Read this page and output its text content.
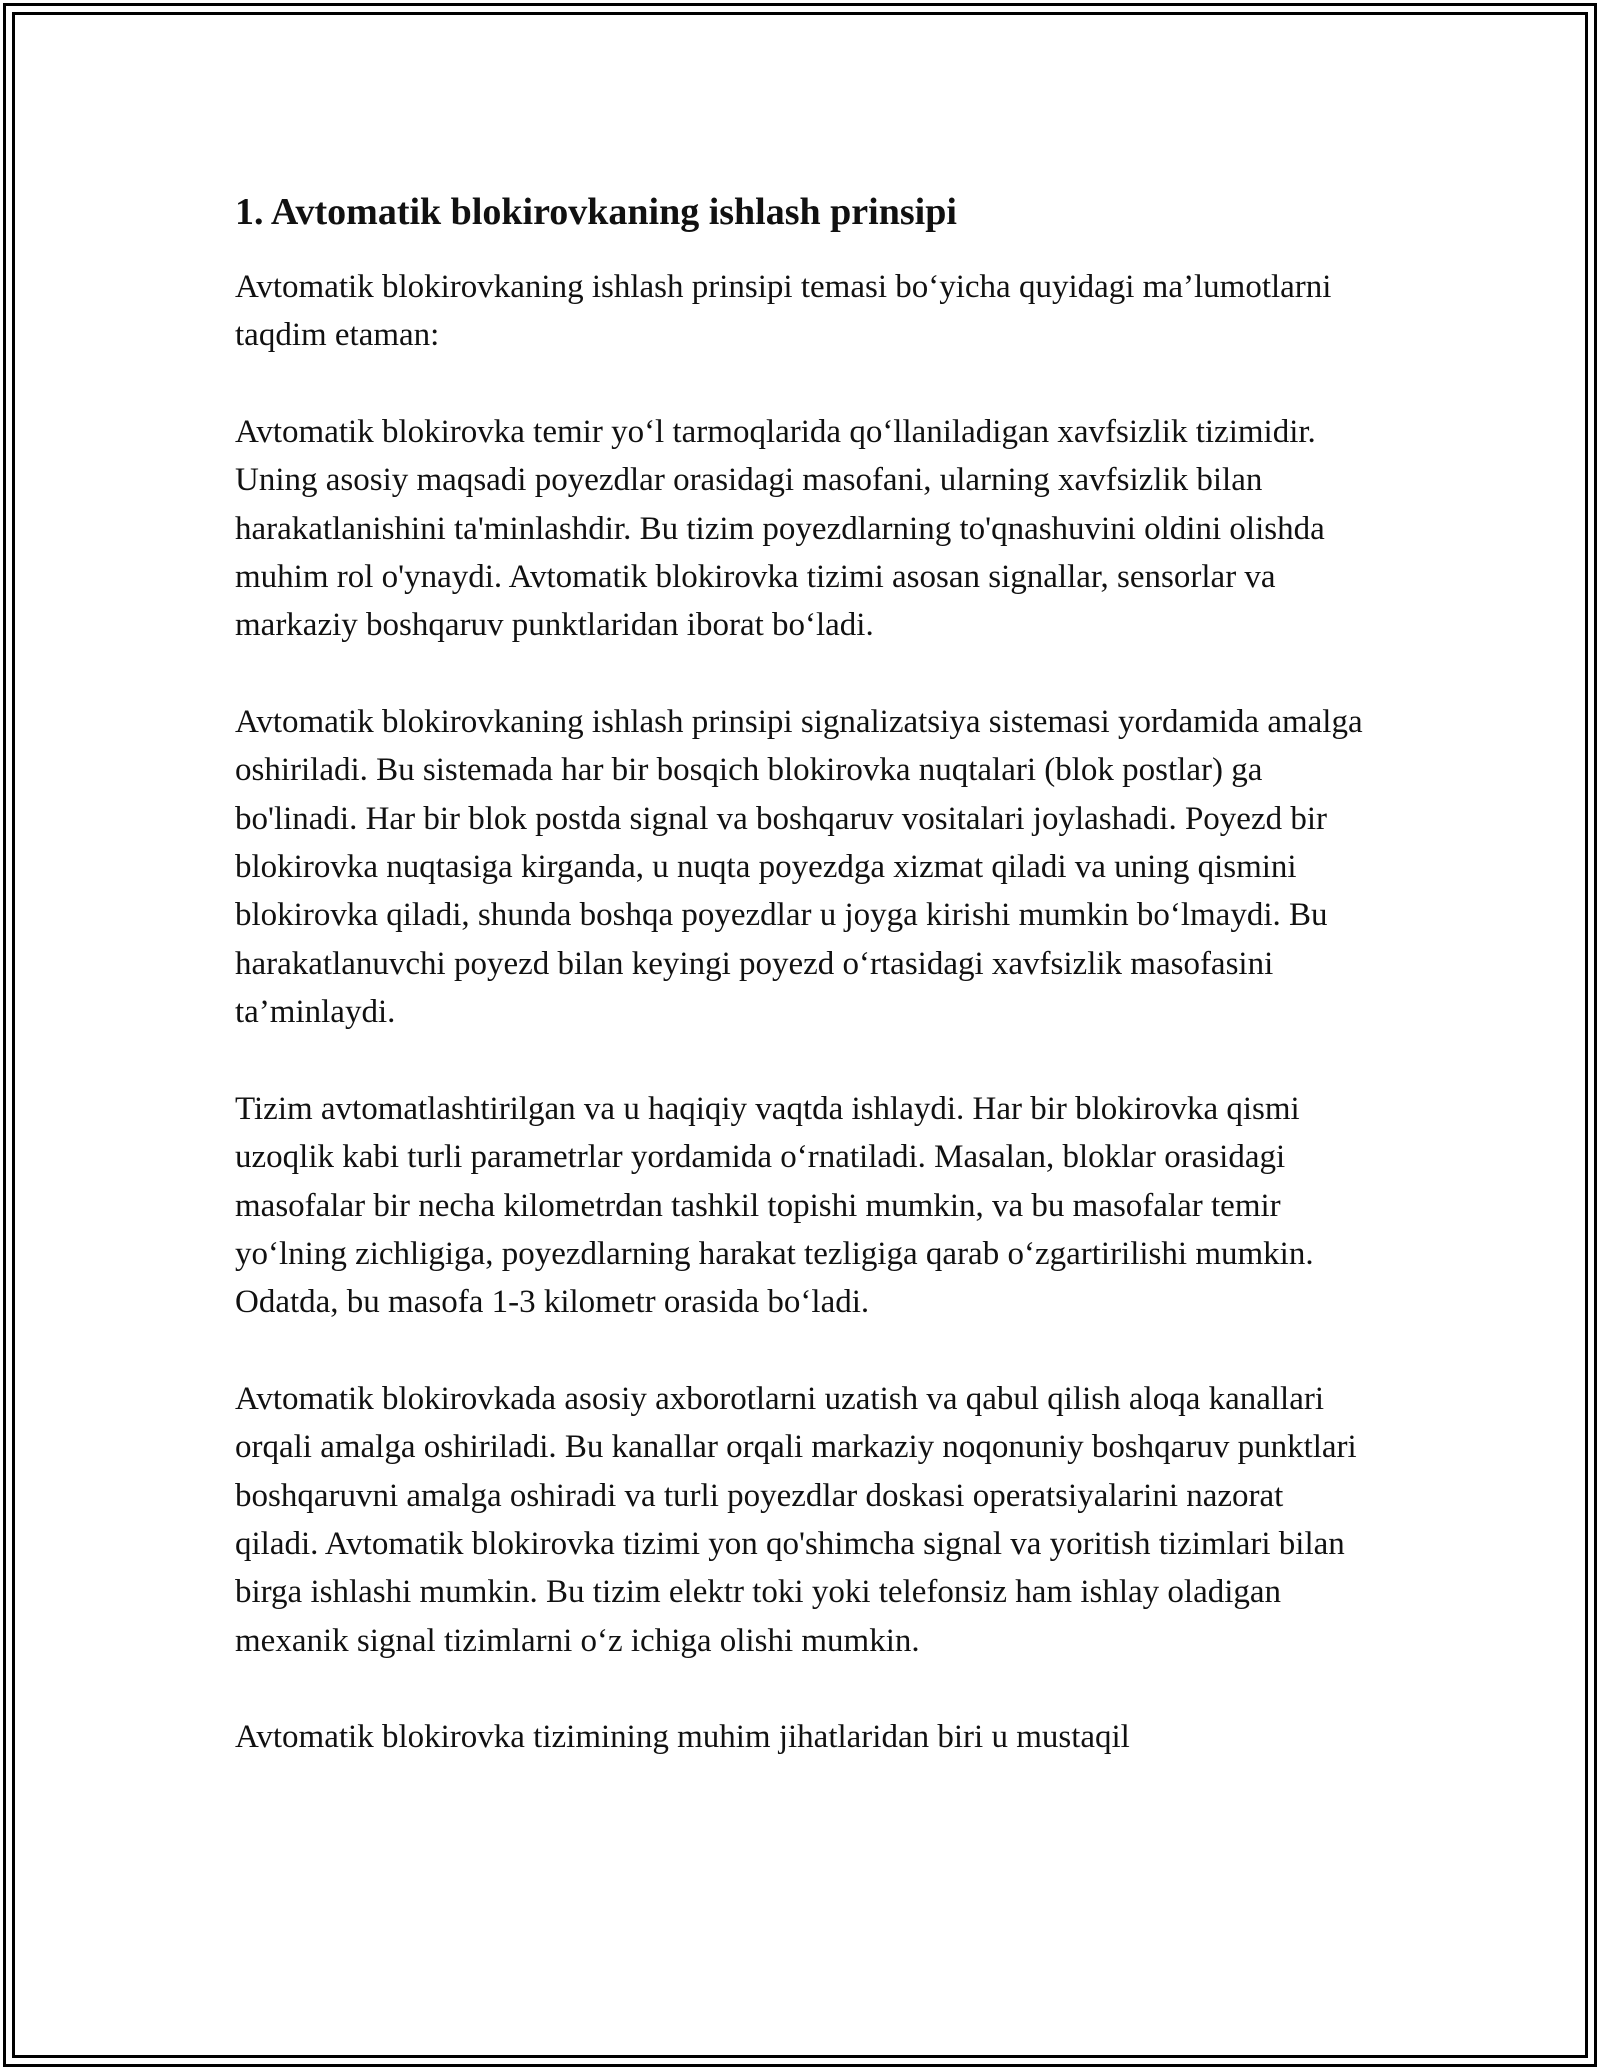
1. Avtomatik blokirovkaning ishlash prinsipi

Avtomatik blokirovkaning ishlash prinsipi temasi bo‘yicha quyidagi ma’lumotlarni taqdim etaman:

Avtomatik blokirovka temir yo‘l tarmoqlarida qo‘llaniladigan xavfsizlik tizimidir. Uning asosiy maqsadi poyezdlar orasidagi masofani, ularning xavfsizlik bilan harakatlanishini ta'minlashdir. Bu tizim poyezdlarning to'qnashuvini oldini olishda muhim rol o'ynaydi. Avtomatik blokirovka tizimi asosan signallar, sensorlar va markaziy boshqaruv punktlaridan iborat bo‘ladi.

Avtomatik blokirovkaning ishlash prinsipi signalizatsiya sistemasi yordamida amalga oshiriladi. Bu sistemada har bir bosqich blokirovka nuqtalari (blok postlar) ga bo'linadi. Har bir blok postda signal va boshqaruv vositalari joylashadi. Poyezd bir blokirovka nuqtasiga kirganda, u nuqta poyezdga xizmat qiladi va uning qismini blokirovka qiladi, shunda boshqa poyezdlar u joyga kirishi mumkin bo‘lmaydi. Bu harakatlanuvchi poyezd bilan keyingi poyezd o‘rtasidagi xavfsizlik masofasini ta’minlaydi.

Tizim avtomatlashtirilgan va u haqiqiy vaqtda ishlaydi. Har bir blokirovka qismi uzoqlik kabi turli parametrlar yordamida o‘rnatiladi. Masalan, bloklar orasidagi masofalar bir necha kilometrdan tashkil topishi mumkin, va bu masofalar temir yo‘lning zichligiga, poyezdlarning harakat tezligiga qarab o‘zgartirilishi mumkin. Odatda, bu masofa 1-3 kilometr orasida bo‘ladi.

Avtomatik blokirovkada asosiy axborotlarni uzatish va qabul qilish aloqa kanallari orqali amalga oshiriladi. Bu kanallar orqali markaziy noqonuniy boshqaruv punktlari boshqaruvni amalga oshiradi va turli poyezdlar doskasi operatsiyalarini nazorat qiladi. Avtomatik blokirovka tizimi yon qo'shimcha signal va yoritish tizimlari bilan birga ishlashi mumkin. Bu tizim elektr toki yoki telefonsiz ham ishlay oladigan mexanik signal tizimlarni o‘z ichiga olishi mumkin.

Avtomatik blokirovka tizimining muhim jihatlaridan biri u mustaqil
